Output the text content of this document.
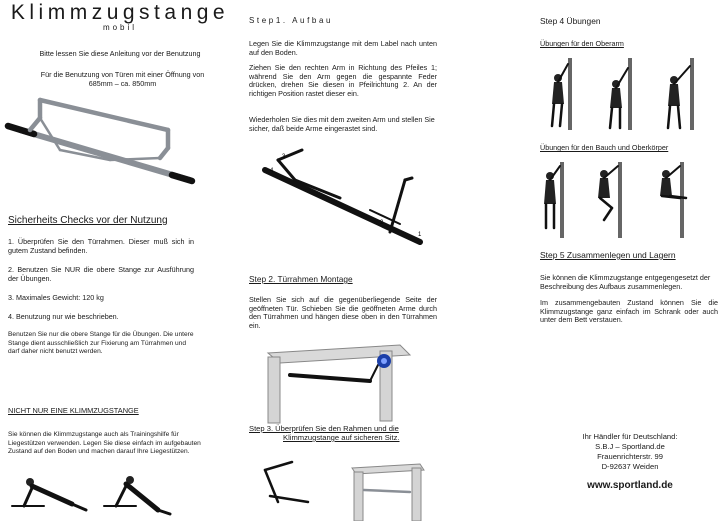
Klimmzugstange
mobil
Bitte lessen Sie diese Anleitung vor der Benutzung
Für die Benutzung von Türen mit einer Öffnung von 685mm – ca. 850mm
Sicherheits Checks vor der Nutzung
1. Überprüfen Sie den Türrahmen. Dieser muß sich in gutem Zustand befinden.
2. Benutzen Sie NUR die obere Stange zur Ausführung der Übungen.
3. Maximales Gewicht: 120 kg
4. Benutzung nur wie beschrieben.
Benutzen Sie nur die obere Stange für die Übungen. Die untere Stange dient ausschließlich zur Fixierung am Türrahmen und darf daher nicht benutzt werden.
NICHT NUR EINE KLIMMZUGSTANGE
Sie können die Klimmzugstange auch als Trainingshilfe für Liegestützen verwenden. Legen Sie diese einfach im aufgebauten Zustand auf den Boden und machen darauf Ihre Liegestützen.
Step1. Aufbau
Legen Sie die Klimmzugstange mit dem Label nach unten auf den Boden.
Ziehen Sie den rechten Arm in Richtung des Pfeiles 1; während Sie den Arm gegen die gespannte Feder drücken, drehen Sie diesen in Pfeilrichtung 2. An der richtigen Position rastet dieser ein.
Wiederholen Sie dies mit dem zweiten Arm und stellen Sie sicher, daß beide Arme eingerastet sind.
3
4
2
1
Step 2. Türrahmen Montage
Stellen Sie sich auf die gegenüberliegende Seite der geöffneten Tür. Schieben Sie die geöffneten Arme durch den Türrahmen und hängen diese oben in den Türrahmen ein.
Step 3. Überprüfen Sie den Rahmen und die
Klimmzugstange auf sicheren Sitz.
Step 4 Übungen
Übungen für den Oberarm
Übungen für den Bauch und Oberkörper
Step 5 Zusammenlegen und Lagern
Sie können die Klimmzugstange entgegengesetzt der Beschreibung des Aufbaus zusammenlegen.
Im zusammengebauten Zustand können Sie die Klimmzugstange ganz einfach im Schrank oder auch unter dem Bett verstauen.
Ihr Händler für Deutschland:
S.B.J – Sportland.de
Frauenrichterstr. 99
D-92637 Weiden
www.sportland.de
